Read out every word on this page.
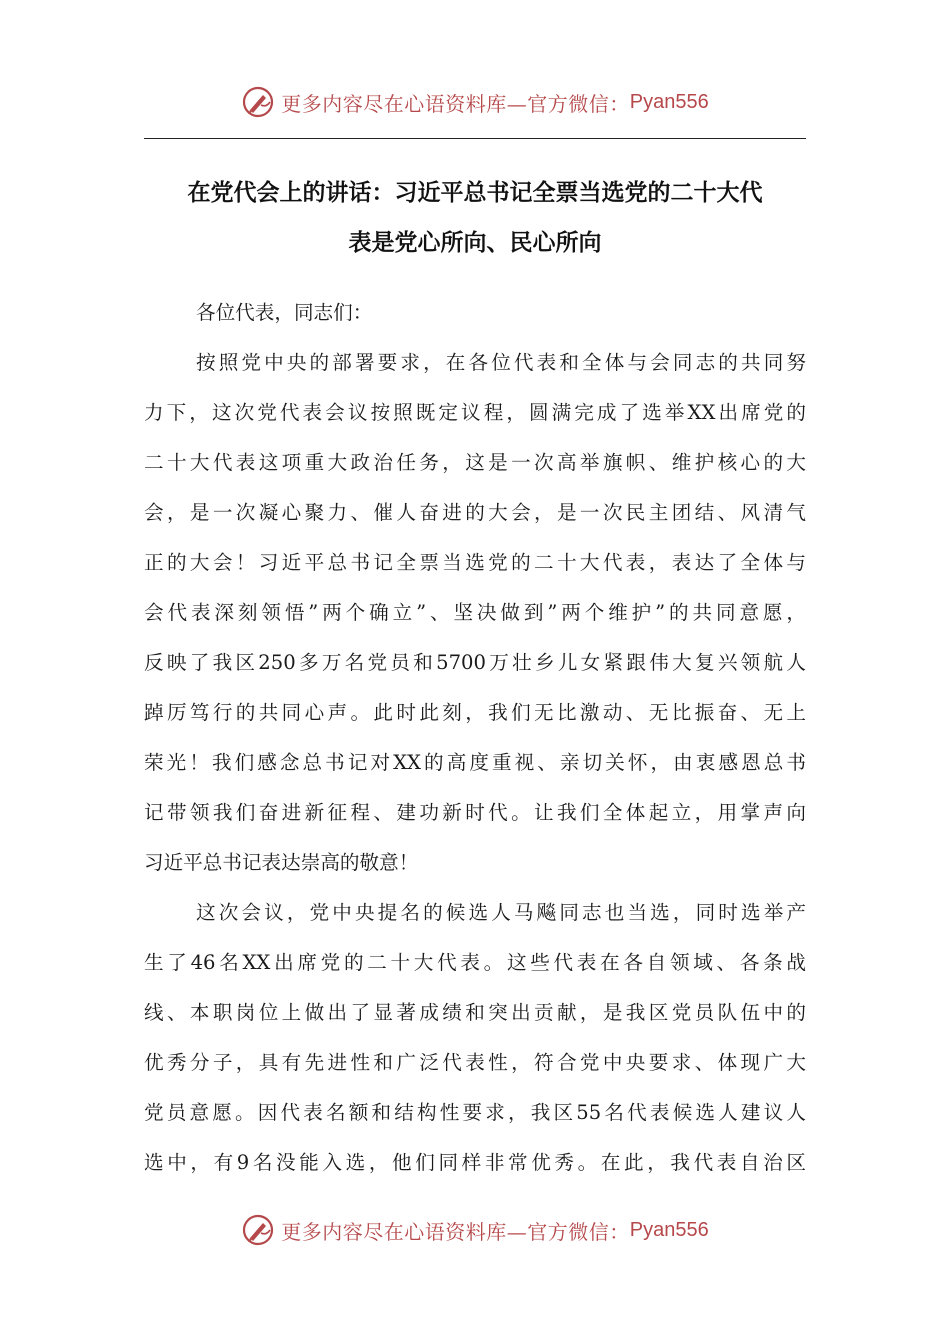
更多内容尽在心语资料库—官方微信： Pyan556
在党代会上的讲话：习近平总书记全票当选党的二十大代
表是党心所向、民心所向
各位代表，同志们：
按照党中央的部署要求，在各位代表和全体与会同志的共同努
力下，这次党代表会议按照既定议程，圆满完成了选举XX出席党的
二十大代表这项重大政治任务，这是一次高举旗帜、维护核心的大
会，是一次凝心聚力、催人奋进的大会，是一次民主团结、风清气
正的大会！习近平总书记全票当选党的二十大代表，表达了全体与
会代表深刻领悟”两个确立”、坚决做到”两个维护”的共同意愿，
反映了我区250多万名党员和5700万壮乡儿女紧跟伟大复兴领航人
踔厉笃行的共同心声。此时此刻，我们无比激动、无比振奋、无上
荣光！我们感念总书记对XX的高度重视、亲切关怀，由衷感恩总书
记带领我们奋进新征程、建功新时代。让我们全体起立，用掌声向
习近平总书记表达崇高的敬意！
这次会议，党中央提名的候选人马飚同志也当选，同时选举产
生了46名XX出席党的二十大代表。这些代表在各自领域、各条战
线、本职岗位上做出了显著成绩和突出贡献，是我区党员队伍中的
优秀分子，具有先进性和广泛代表性，符合党中央要求、体现广大
党员意愿。因代表名额和结构性要求，我区55名代表候选人建议人
选中，有9名没能入选，他们同样非常优秀。在此，我代表自治区
更多内容尽在心语资料库—官方微信： Pyan556
